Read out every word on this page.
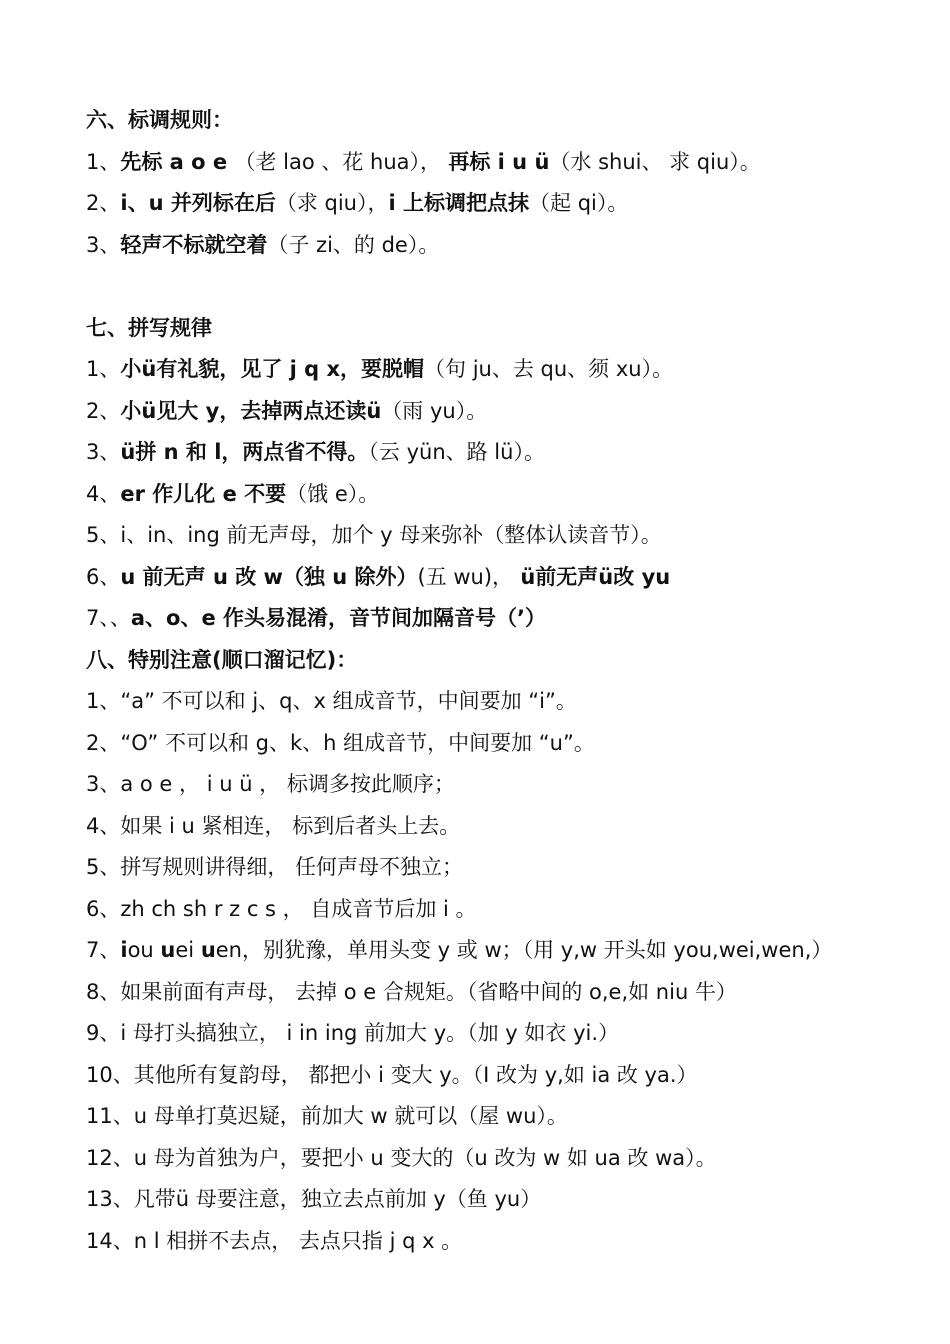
六、标调规则：
1、先标 a o e （老 lao 、花 hua）， 再标 i u ü（水 shui、 求 qiu）。
2、i、u 并列标在后（求 qiu），i 上标调把点抹（起 qi）。
3、轻声不标就空着（子 zi、的 de）。
七、拼写规律
1、小ü有礼貌，见了 j q x，要脱帽（句 ju、去 qu、须 xu）。
2、小ü见大 y，去掉两点还读ü（雨 yu）。
3、ü拼 n 和 l，两点省不得。（云 yün、路 lü）。
4、er 作儿化 e 不要（饿 e）。
5、i、in、ing 前无声母，加个 y 母来弥补（整体认读音节）。
6、u 前无声 u 改 w（独 u 除外）(五 wu)， ü前无声ü改 yu
7、、a、o、e 作头易混淆，音节间加隔音号（’）
八、特别注意(顺口溜记忆)：
1、“a” 不可以和 j、q、x 组成音节，中间要加 “i”。
2、“O” 不可以和 g、k、h 组成音节，中间要加 “u”。
3、a o e ， i u ü ， 标调多按此顺序；
4、如果 i u 紧相连， 标到后者头上去。
5、拼写规则讲得细， 任何声母不独立；
6、zh ch sh r z c s ， 自成音节后加 i 。
7、iou uei uen，别犹豫，单用头变 y 或 w；（用 y,w 开头如 you,wei,wen,）
8、如果前面有声母， 去掉 o e 合规矩。（省略中间的 o,e,如 niu 牛）
9、i 母打头搞独立， i in ing 前加大 y。（加 y 如衣 yi.）
10、其他所有复韵母， 都把小 i 变大 y。（I 改为 y,如 ia 改 ya.）
11、u 母单打莫迟疑，前加大 w 就可以（屋 wu）。
12、u 母为首独为户，要把小 u 变大的（u 改为 w 如 ua 改 wa）。
13、凡带ü 母要注意，独立去点前加 y（鱼 yu）
14、n l 相拼不去点， 去点只指 j q x 。
